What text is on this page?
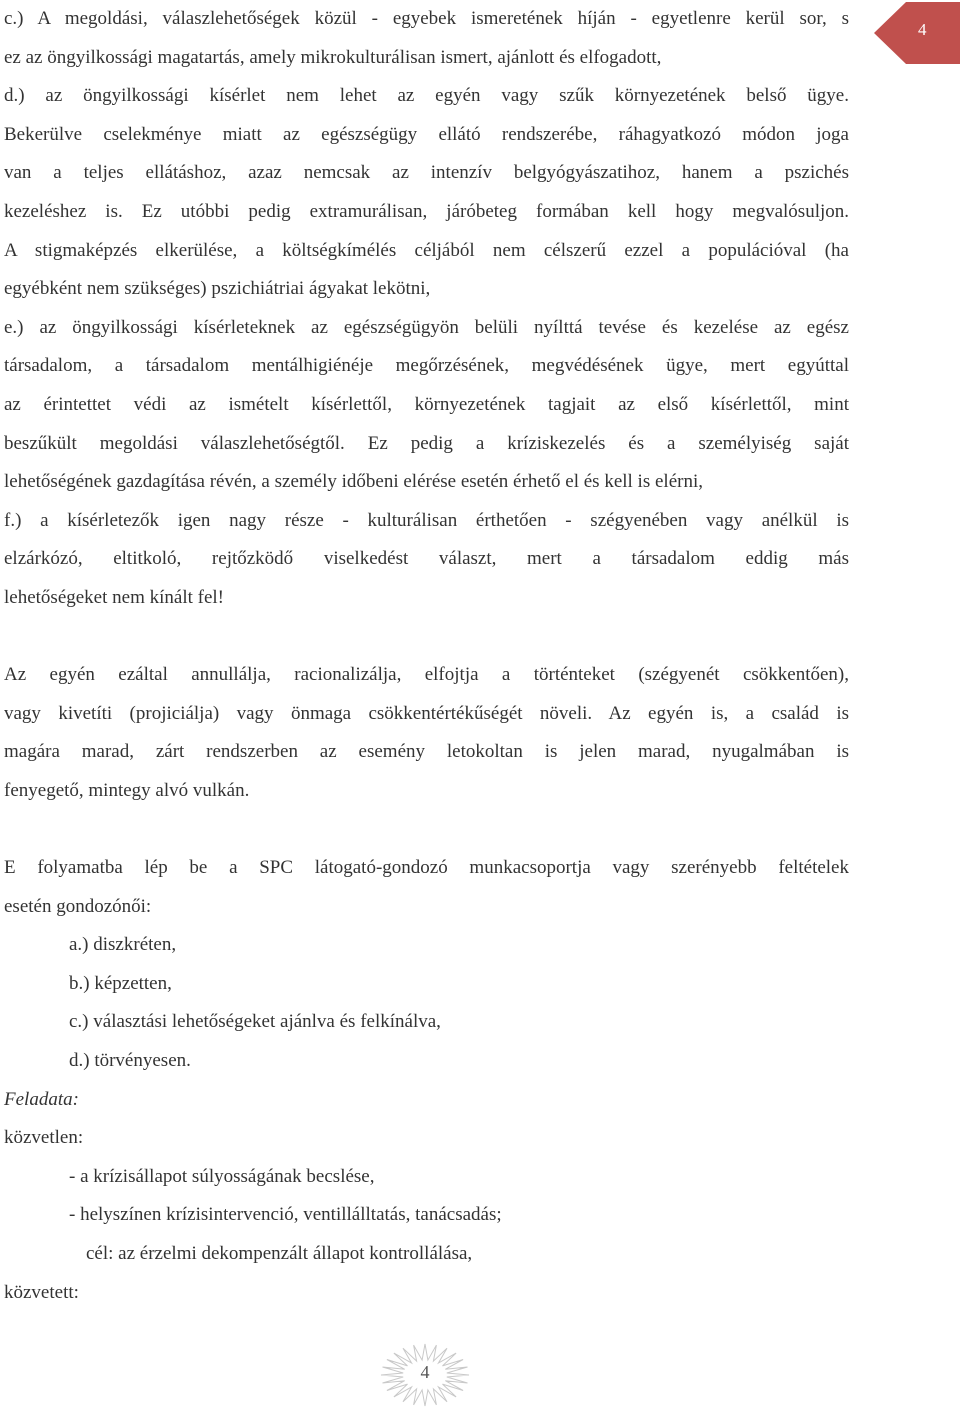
4

c.) A megoldási, válaszlehetőségek közül - egyebek ismeretének híján - egyetlenre kerül sor, s

ez az öngyilkossági magatartás, amely mikrokulturálisan ismert, ajánlott és elfogadott,

d.) az öngyilkossági kísérlet nem lehet az egyén vagy szűk környezetének belső ügye.

Bekerülve cselekménye miatt az egészségügy ellátó rendszerébe, ráhagyatkozó módon joga

van a teljes ellátáshoz, azaz nemcsak az intenzív belgyógyászatihoz, hanem a pszichés

kezeléshez is. Ez utóbbi pedig extramurálisan, járóbeteg formában kell hogy megvalósuljon.

A stigmaképzés elkerülése, a költségkímélés céljából nem célszerű ezzel a populációval (ha

egyébként nem szükséges) pszichiátriai ágyakat lekötni,

e.) az öngyilkossági kísérleteknek az egészségügyön belüli nyílttá tevése és kezelése az egész

társadalom, a társadalom mentálhigiénéje megőrzésének, megvédésének ügye, mert egyúttal

az érintettet védi az ismételt kísérlettől, környezetének tagjait az első kísérlettől, mint

beszűkült megoldási válaszlehetőségtől. Ez pedig a kríziskezelés és a személyiség saját

lehetőségének gazdagítása révén, a személy időbeni elérése esetén érhető el és kell is elérni,

f.) a kísérletezők igen nagy része - kulturálisan érthetően - szégyenében vagy anélkül is

elzárkózó, eltitkoló, rejtőzködő viselkedést választ, mert a társadalom eddig más

lehetőségeket nem kínált fel!

Az egyén ezáltal annullálja, racionalizálja, elfojtja a történteket (szégyenét csökkentően),

vagy kivetíti (projiciálja) vagy önmaga csökkentértékűségét növeli. Az egyén is, a család is

magára marad, zárt rendszerben az esemény letokoltan is jelen marad, nyugalmában is

fenyegető, mintegy alvó vulkán.

E folyamatba lép be a SPC látogató-gondozó munkacsoportja vagy szerényebb feltételek

esetén gondozónői:

a.) diszkréten,

b.) képzetten,

c.) választási lehetőségeket ajánlva és felkínálva,

d.) törvényesen.

Feladata:

közvetlen:

- a krízisállapot súlyosságának becslése,

- helyszínen krízisintervenció, ventillálltatás, tanácsadás;

cél: az érzelmi dekompenzált állapot kontrollálása,

közvetett:

4
